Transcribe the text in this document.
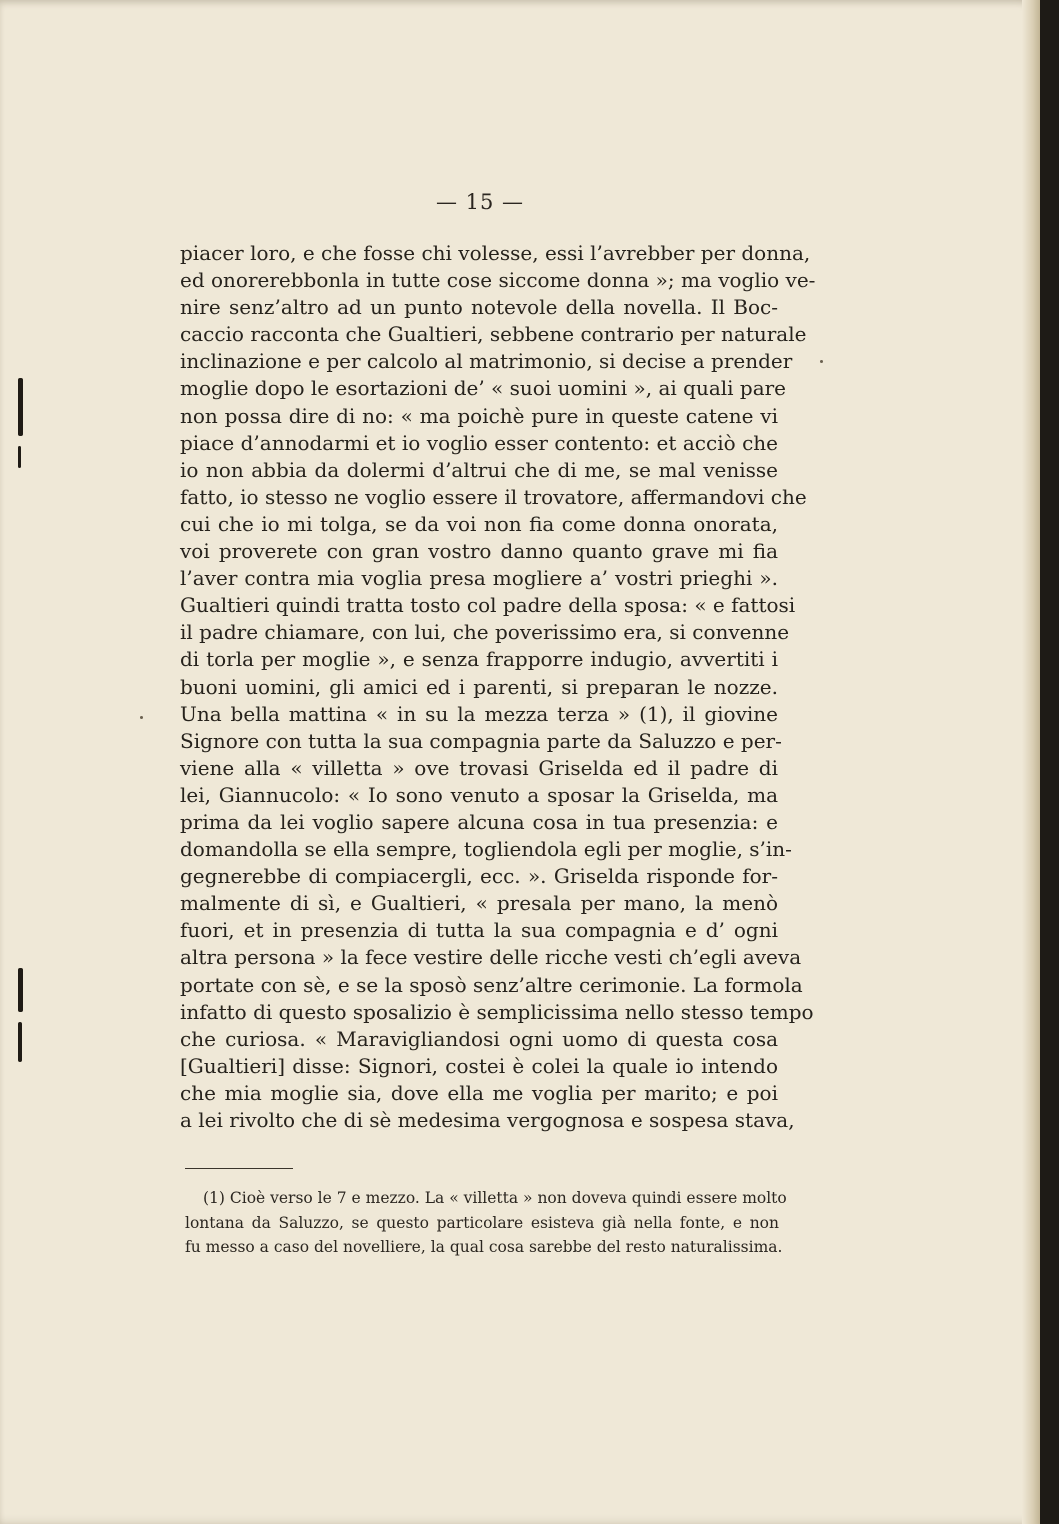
— 15 —
piacer loro, e che fosse chi volesse, essi l’avrebber per donna,
ed onorerebbonla in tutte cose siccome donna »; ma voglio ve-
nire senz’altro ad un punto notevole della novella. Il Boc-
caccio racconta che Gualtieri, sebbene contrario per naturale
inclinazione e per calcolo al matrimonio, si decise a prender
moglie dopo le esortazioni de’ « suoi uomini », ai quali pare
non possa dire di no: « ma poichè pure in queste catene vi
piace d’annodarmi et io voglio esser contento: et acciò che
io non abbia da dolermi d’altrui che di me, se mal venisse
fatto, io stesso ne voglio essere il trovatore, affermandovi che
cui che io mi tolga, se da voi non fia come donna onorata,
voi proverete con gran vostro danno quanto grave mi fia
l’aver contra mia voglia presa mogliere a’ vostri prieghi ».
Gualtieri quindi tratta tosto col padre della sposa: « e fattosi
il padre chiamare, con lui, che poverissimo era, si convenne
di torla per moglie », e senza frapporre indugio, avvertiti i
buoni uomini, gli amici ed i parenti, si preparan le nozze.
Una bella mattina « in su la mezza terza » (1), il giovine
Signore con tutta la sua compagnia parte da Saluzzo e per-
viene alla « villetta » ove trovasi Griselda ed il padre di
lei, Giannucolo: « Io sono venuto a sposar la Griselda, ma
prima da lei voglio sapere alcuna cosa in tua presenzia: e
domandolla se ella sempre, togliendola egli per moglie, s’in-
gegnerebbe di compiacergli, ecc. ». Griselda risponde for-
malmente di sì, e Gualtieri, « presala per mano, la menò
fuori, et in presenzia di tutta la sua compagnia e d’ ogni
altra persona » la fece vestire delle ricche vesti ch’egli aveva
portate con sè, e se la sposò senz’altre cerimonie. La formola
infatto di questo sposalizio è semplicissima nello stesso tempo
che curiosa. « Maravigliandosi ogni uomo di questa cosa
[Gualtieri] disse: Signori, costei è colei la quale io intendo
che mia moglie sia, dove ella me voglia per marito; e poi
a lei rivolto che di sè medesima vergognosa e sospesa stava,
(1) Cioè verso le 7 e mezzo. La « villetta » non doveva quindi essere molto
lontana da Saluzzo, se questo particolare esisteva già nella fonte, e non
fu messo a caso del novelliere, la qual cosa sarebbe del resto naturalissima.
